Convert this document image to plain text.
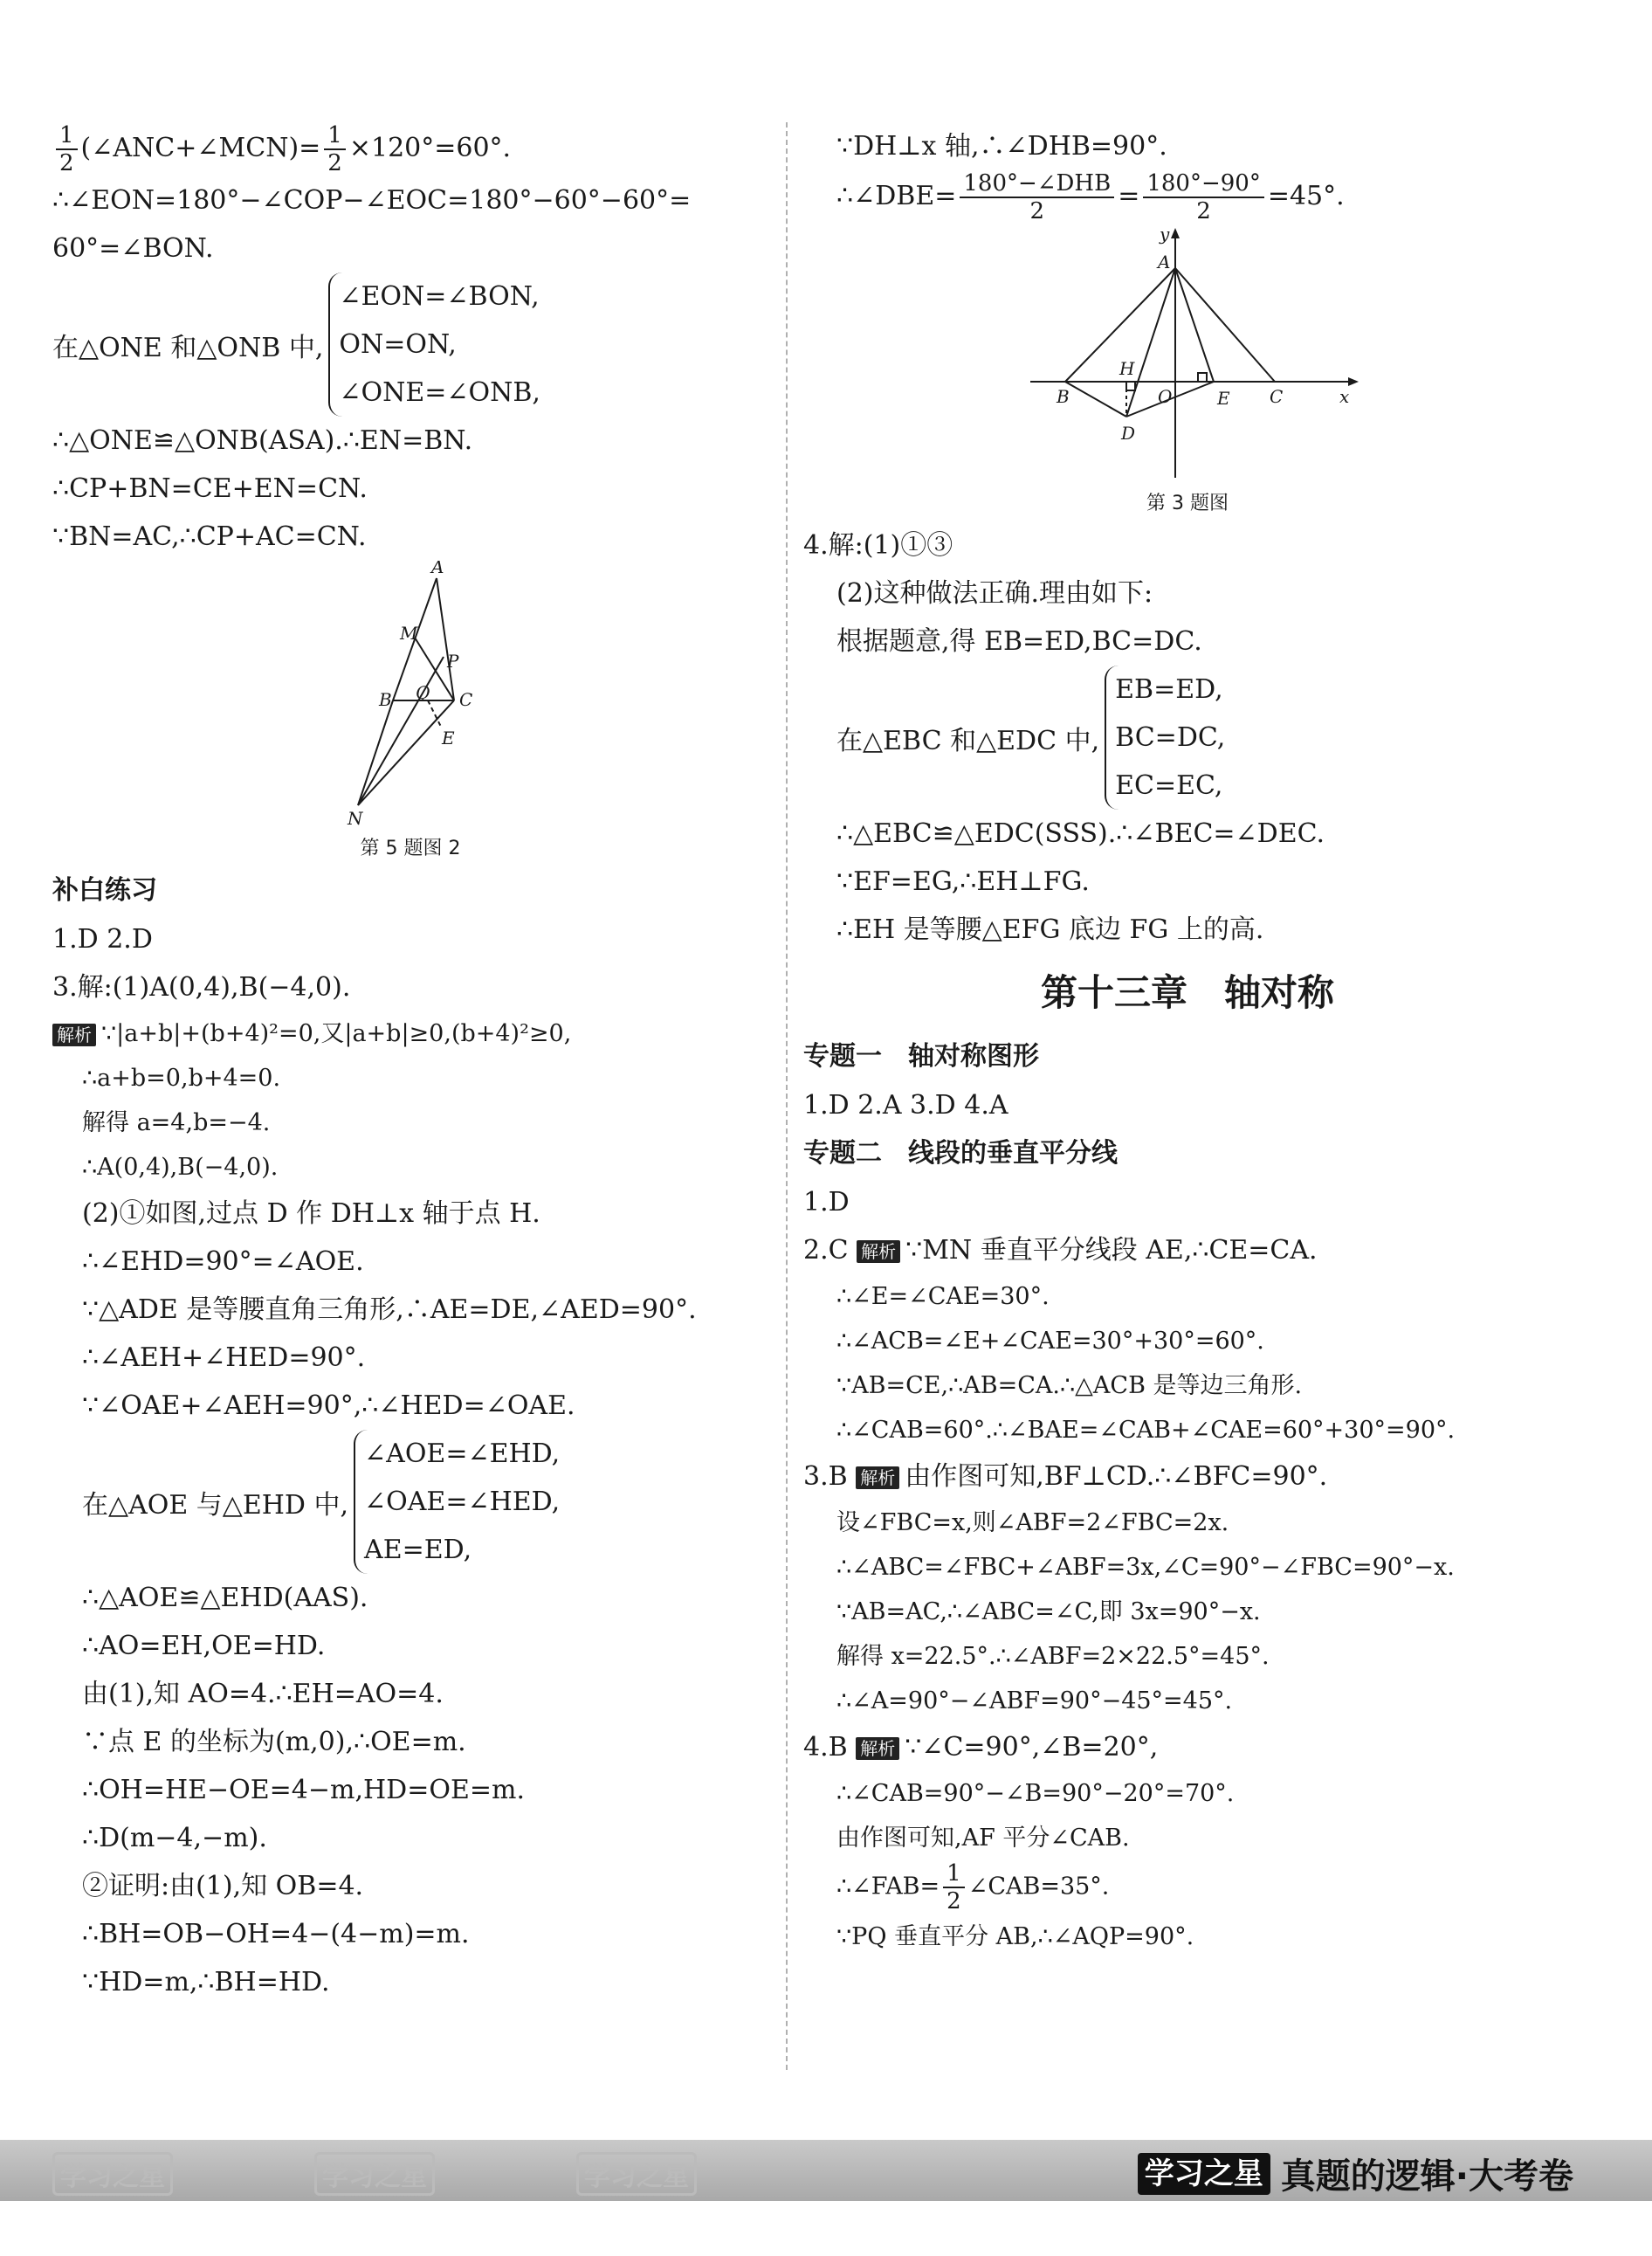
$\frac{1}{2}$ (∠ANC+∠MCN)= $\frac{1}{2} \times 120^\circ=60^\circ$.
∴∠EON=180°−∠COP−∠EOC=180°−60°−60°=
60°=∠BON.
在△ONE 和△ONB 中,
∠EON=∠BON,
ON=ON,
∠ONE=∠ONB,
∴△ONE≌△ONB(ASA).∴EN=BN.
∴CP+BN=CE+EN=CN.
∵BN=AC,∴CP+AC=CN.
A
M
P
B Q C
E
N
第 5 题图 2
补白练习
1.D 2.D
3.解:(1)A(0,4),B(−4,0).
解析 ∵|a+b|+(b+4)²=0,又|a+b|≥0,(b+4)²≥0,
∴a+b=0,b+4=0.
解得 a=4,b=−4.
∴A(0,4),B(−4,0).
(2)①如图,过点 D 作 DH⊥x 轴于点 H.
∴∠EHD=90°=∠AOE.
∵△ADE 是等腰直角三角形,∴AE=DE,∠AED=90°.
∴∠AEH+∠HED=90°.
∵∠OAE+∠AEH=90°,∴∠HED=∠OAE.
在△AOE 与△EHD 中,
∠AOE=∠EHD,
∠OAE=∠HED,
AE=ED,
∴△AOE≌△EHD(AAS).
∴AO=EH,OE=HD.
由(1),知 AO=4.∴EH=AO=4.
∵点 E 的坐标为(m,0),∴OE=m.
∴OH=HE−OE=4−m,HD=OE=m.
∴D(m−4,−m).
②证明:由(1),知 OB=4.
∴BH=OB−OH=4−(4−m)=m.
∵HD=m,∴BH=HD.
∵DH⊥x 轴,∴∠DHB=90°.
∴∠DBE= $\frac{\text{180°−∠DHB}}{2} = \frac{180^\circ-90^\circ}{2} =45^\circ$.
y
A
H
B	O	E C	x
D
第 3 题图
4.解:(1)①③
(2)这种做法正确.理由如下:
根据题意,得 EB=ED,BC=DC.
在△EBC 和△EDC 中,
EB=ED,
BC=DC,
EC=EC,
∴△EBC≌△EDC(SSS).∴∠BEC=∠DEC.
∵EF=EG,∴EH⊥FG.
∴EH 是等腰△EFG 底边 FG 上的高.
第十三章　轴对称
专题一　轴对称图形
1.D 2.A 3.D 4.A
专题二　线段的垂直平分线
1.D
2.C 解析 ∵MN 垂直平分线段 AE,∴CE=CA.
∴∠E=∠CAE=30°.
∴∠ACB=∠E+∠CAE=30°+30°=60°.
∵AB=CE,∴AB=CA.∴△ACB 是等边三角形.
∴∠CAB=60°.∴∠BAE=∠CAB+∠CAE=60°+30°=90°.
3.B 解析 由作图可知,BF⊥CD.∴∠BFC=90°.
设∠FBC=x,则∠ABF=2∠FBC=2x.
∴∠ABC=∠FBC+∠ABF=3x,∠C=90°−∠FBC=90°−x.
∵AB=AC,∴∠ABC=∠C,即 3x=90°−x.
解得 x=22.5°.∴∠ABF=2×22.5°=45°.
∴∠A=90°−∠ABF=90°−45°=45°.
4.B 解析 ∵∠C=90°,∠B=20°,
∴∠CAB=90°−∠B=90°−20°=70°.
由作图可知,AF 平分∠CAB.
∴∠FAB= $\frac{1}{2}$ ∠CAB=35°.
∵PQ 垂直平分 AB,∴∠AQP=90°.
学习之星	学习之星	学习之星	学习之星 真题的逻辑·大考卷
